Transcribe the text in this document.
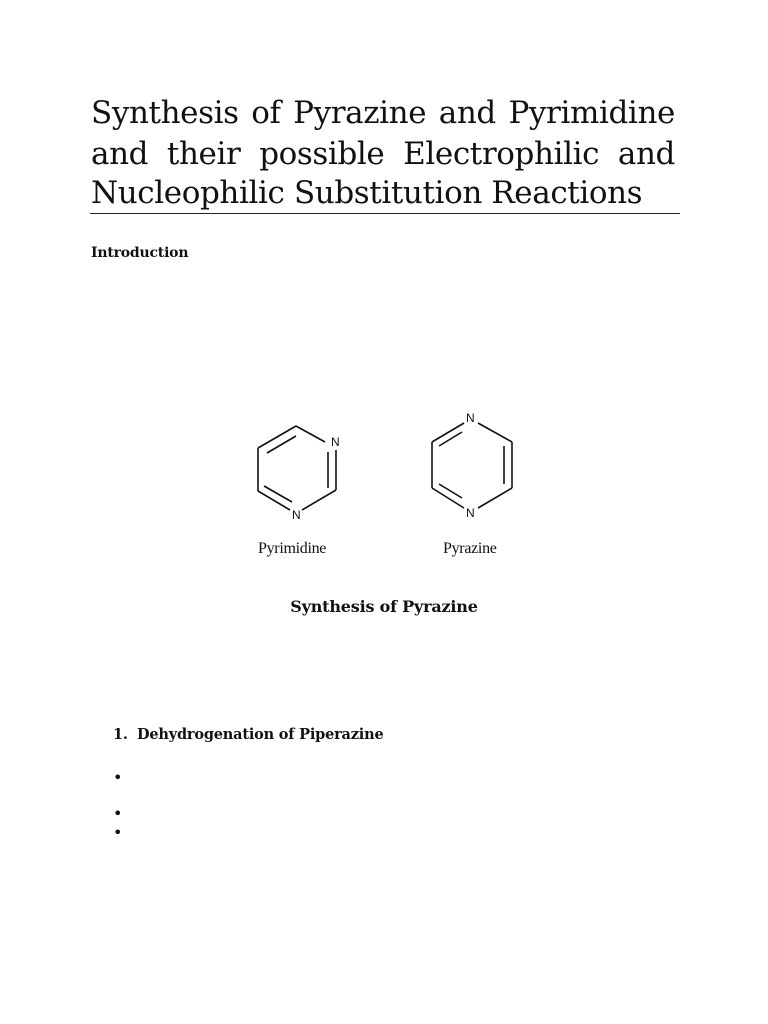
Synthesis of Pyrazine and Pyrimidine
and their possible Electrophilic and
Nucleophilic Substitution Reactions
Introduction
N
N
N
N
Pyrimidine	Pyrazine
Synthesis of Pyrazine
1. Dehydrogenation of Piperazine
•
•
•
